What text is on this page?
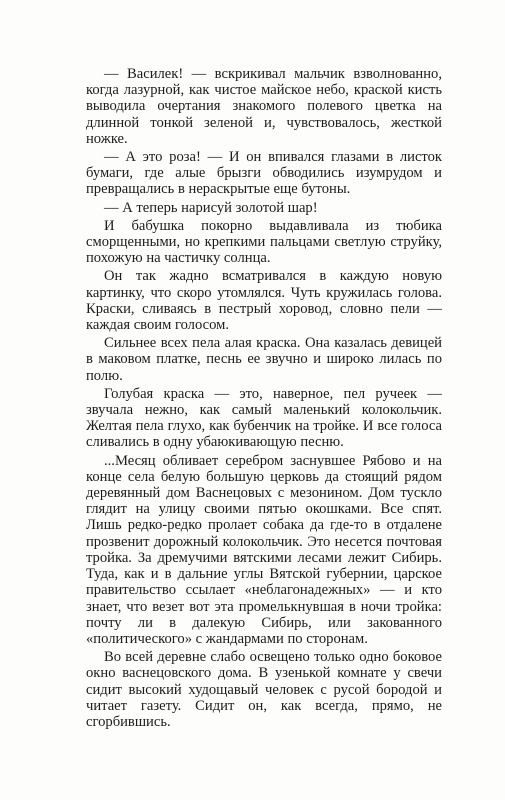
— Василек! — вскрикивал мальчик взволнованно, когда лазурной, как чистое майское небо, краской кисть выводила очертания знакомого полевого цветка на длинной тонкой зеленой и, чувствовалось, жесткой ножке.

— А это роза! — И он впивался глазами в листок бумаги, где алые брызги обводились изумрудом и превращались в нераскрытые еще бутоны.

— А теперь нарисуй золотой шар!

И бабушка покорно выдавливала из тюбика сморщенными, но крепкими пальцами светлую струйку, похожую на частичку солнца.

Он так жадно всматривался в каждую новую картинку, что скоро утомлялся. Чуть кружилась голова. Краски, сливаясь в пестрый хоровод, словно пели — каждая своим голосом.

Сильнее всех пела алая краска. Она казалась девицей в маковом платке, песнь ее звучно и широко лилась по полю.

Голубая краска — это, наверное, пел ручеек — звучала нежно, как самый маленький колокольчик. Желтая пела глухо, как бубенчик на тройке. И все голоса сливались в одну убаюкивающую песню.

...Месяц обливает серебром заснувшее Рябово и на конце села белую большую церковь да стоящий рядом деревянный дом Васнецовых с мезонином. Дом тускло глядит на улицу своими пятью окошками. Все спят. Лишь редко-редко пролает собака да где-то в отдалене прозвенит дорожный колокольчик. Это несется почтовая тройка. За дремучими вятскими лесами лежит Сибирь. Туда, как и в дальние углы Вятской губернии, царское правительство ссылает «неблагонадежных» — и кто знает, что везет вот эта промелькнувшая в ночи тройка: почту ли в далекую Сибирь, или закованного «политического» с жандармами по сторонам.

Во всей деревне слабо освещено только одно боковое окно васнецовского дома. В узенькой комнате у свечи сидит высокий худощавый человек с русой бородой и читает газету. Сидит он, как всегда, прямо, не сгорбившись.
